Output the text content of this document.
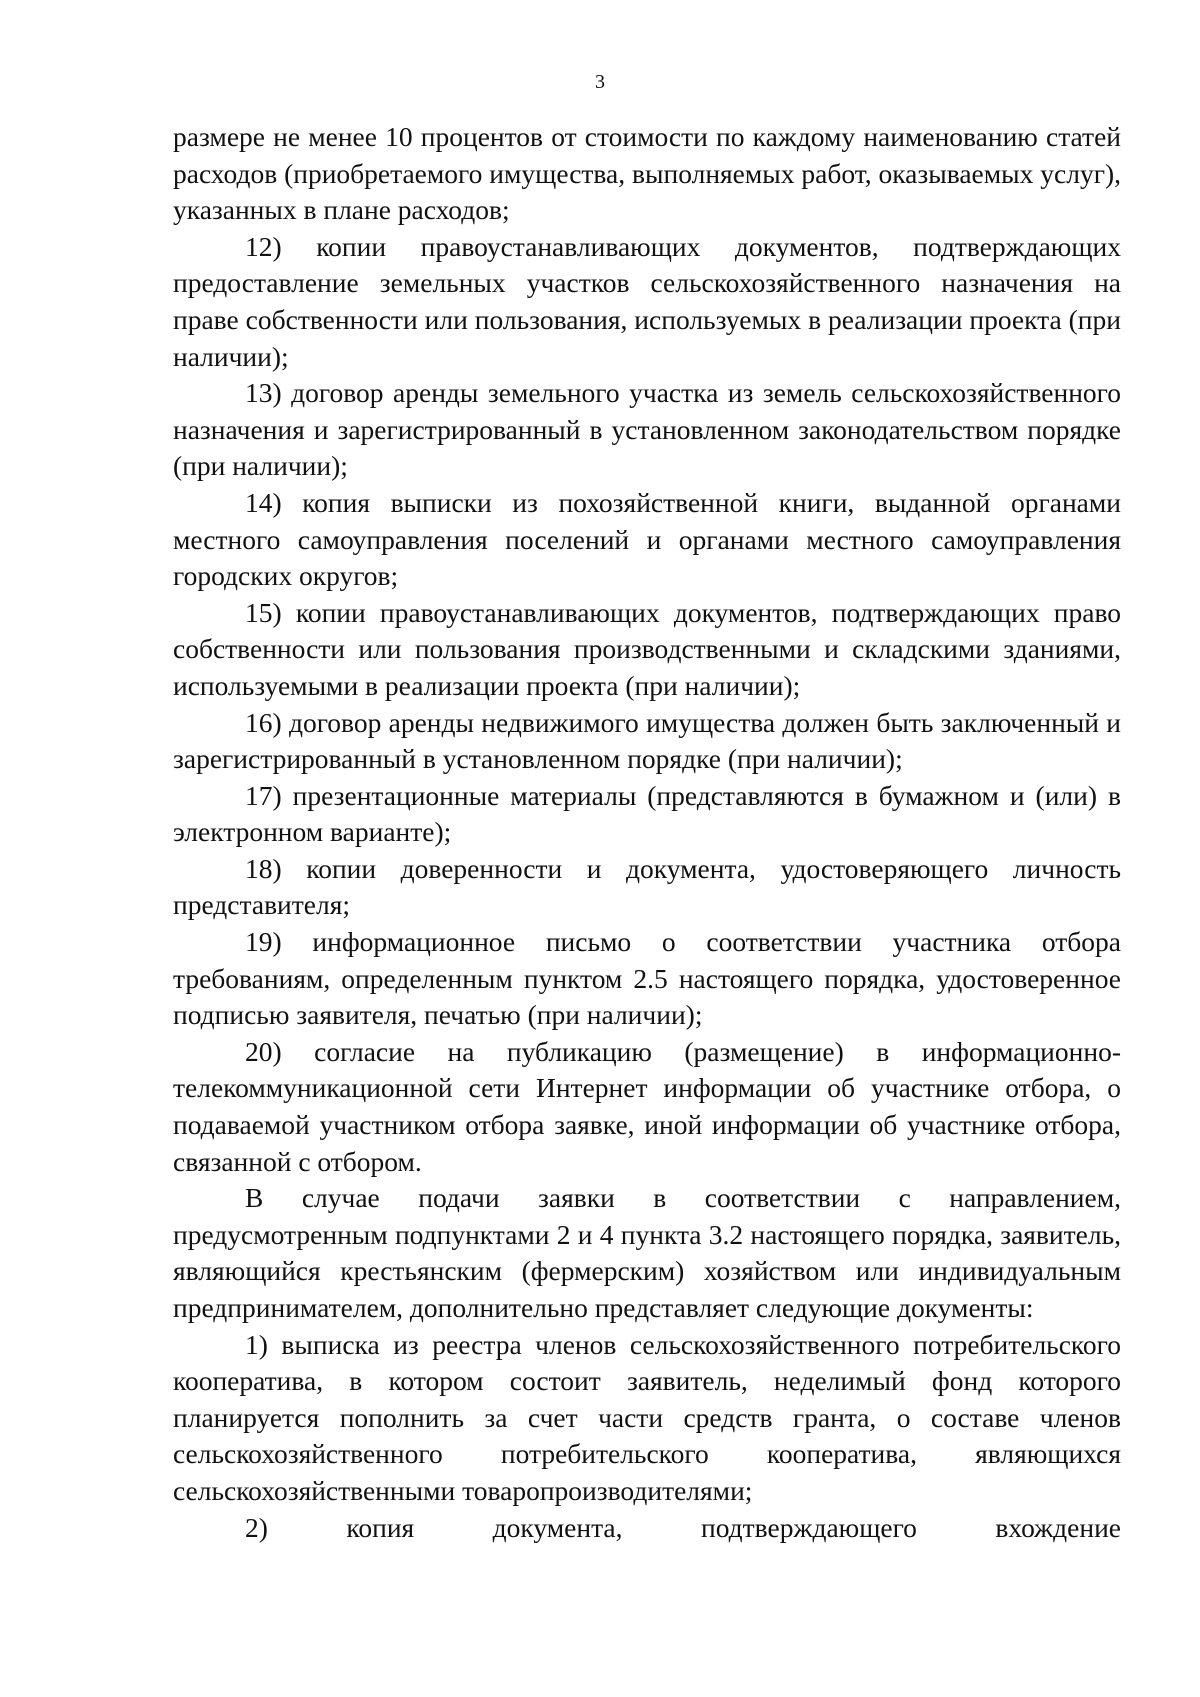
3

размере не менее 10 процентов от стоимости по каждому наименованию статей расходов (приобретаемого имущества, выполняемых работ, оказываемых услуг), указанных в плане расходов;

12) копии правоустанавливающих документов, подтверждающих предоставление земельных участков сельскохозяйственного назначения на праве собственности или пользования, используемых в реализации проекта (при наличии);

13) договор аренды земельного участка из земель сельскохозяйственного назначения и зарегистрированный в установленном законодательством порядке (при наличии);

14) копия выписки из похозяйственной книги, выданной органами местного самоуправления поселений и органами местного самоуправления городских округов;

15) копии правоустанавливающих документов, подтверждающих право собственности или пользования производственными и складскими зданиями, используемыми в реализации проекта (при наличии);

16) договор аренды недвижимого имущества должен быть заключенный и зарегистрированный в установленном порядке (при наличии);

17) презентационные материалы (представляются в бумажном и (или) в электронном варианте);

18) копии доверенности и документа, удостоверяющего личность представителя;

19) информационное письмо о соответствии участника отбора требованиям, определенным пунктом 2.5 настоящего порядка, удостоверенное подписью заявителя, печатью (при наличии);

20) согласие на публикацию (размещение) в информационно-телекоммуникационной сети Интернет информации об участнике отбора, о подаваемой участником отбора заявке, иной информации об участнике отбора, связанной с отбором.

В случае подачи заявки в соответствии с направлением, предусмотренным подпунктами 2 и 4 пункта 3.2 настоящего порядка, заявитель, являющийся крестьянским (фермерским) хозяйством или индивидуальным предпринимателем, дополнительно представляет следующие документы:

1) выписка из реестра членов сельскохозяйственного потребительского кооператива, в котором состоит заявитель, неделимый фонд которого планируется пополнить за счет части средств гранта, о составе членов сельскохозяйственного потребительского кооператива, являющихся сельскохозяйственными товаропроизводителями;

2) копия документа, подтверждающего вхождение
